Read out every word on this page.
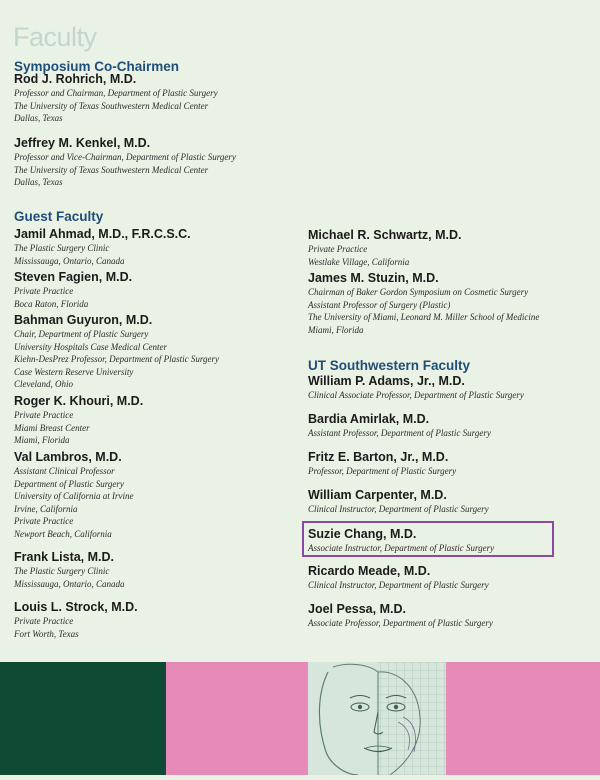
Faculty
Symposium Co-Chairmen
Rod J. Rohrich, M.D.
Professor and Chairman, Department of Plastic Surgery
The University of Texas Southwestern Medical Center
Dallas, Texas
Jeffrey M. Kenkel, M.D.
Professor and Vice-Chairman, Department of Plastic Surgery
The University of Texas Southwestern Medical Center
Dallas, Texas
Guest Faculty
Jamil Ahmad, M.D., F.R.C.S.C.
The Plastic Surgery Clinic
Mississauga, Ontario, Canada
Steven Fagien, M.D.
Private Practice
Boca Raton, Florida
Bahman Guyuron, M.D.
Chair, Department of Plastic Surgery
University Hospitals Case Medical Center
Kiehn-DesPrez Professor, Department of Plastic Surgery
Case Western Reserve University
Cleveland, Ohio
Roger K. Khouri, M.D.
Private Practice
Miami Breast Center
Miami, Florida
Val Lambros, M.D.
Assistant Clinical Professor
Department of Plastic Surgery
University of California at Irvine
Irvine, California
Private Practice
Newport Beach, California
Frank Lista, M.D.
The Plastic Surgery Clinic
Mississauga, Ontario, Canada
Louis L. Strock, M.D.
Private Practice
Fort Worth, Texas
Michael R. Schwartz, M.D.
Private Practice
Westlake Village, California
James M. Stuzin, M.D.
Chairman of Baker Gordon Symposium on Cosmetic Surgery
Assistant Professor of Surgery (Plastic)
The University of Miami, Leonard M. Miller School of Medicine
Miami, Florida
UT Southwestern Faculty
William P. Adams, Jr., M.D.
Clinical Associate Professor, Department of Plastic Surgery
Bardia Amirlak, M.D.
Assistant Professor, Department of Plastic Surgery
Fritz E. Barton, Jr., M.D.
Professor, Department of Plastic Surgery
William Carpenter, M.D.
Clinical Instructor, Department of Plastic Surgery
Suzie Chang, M.D.
Associate Instructor, Department of Plastic Surgery
Ricardo Meade, M.D.
Clinical Instructor, Department of Plastic Surgery
Joel Pessa, M.D.
Associate Professor, Department of Plastic Surgery
